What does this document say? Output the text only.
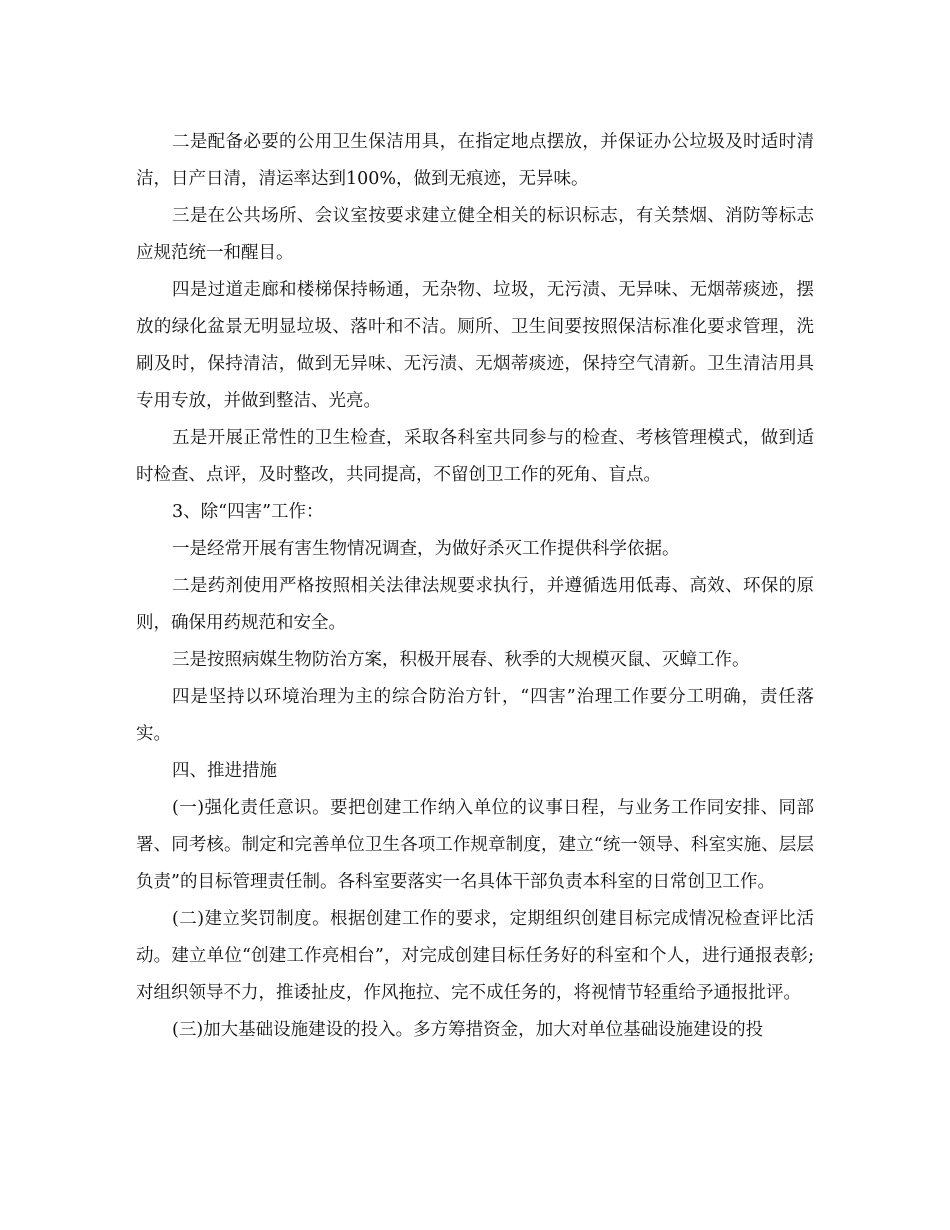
二是配备必要的公用卫生保洁用具，在指定地点摆放，并保证办公垃圾及时适时清洁，日产日清，清运率达到100%，做到无痕迹，无异味。

三是在公共场所、会议室按要求建立健全相关的标识标志，有关禁烟、消防等标志应规范统一和醒目。

四是过道走廊和楼梯保持畅通，无杂物、垃圾，无污渍、无异味、无烟蒂痰迹，摆放的绿化盆景无明显垃圾、落叶和不洁。厕所、卫生间要按照保洁标准化要求管理，洗刷及时，保持清洁，做到无异味、无污渍、无烟蒂痰迹，保持空气清新。卫生清洁用具专用专放，并做到整洁、光亮。

五是开展正常性的卫生检查，采取各科室共同参与的检查、考核管理模式，做到适时检查、点评，及时整改，共同提高，不留创卫工作的死角、盲点。

3、除“四害”工作：

一是经常开展有害生物情况调查，为做好杀灭工作提供科学依据。

二是药剂使用严格按照相关法律法规要求执行，并遵循选用低毒、高效、环保的原则，确保用药规范和安全。

三是按照病媒生物防治方案，积极开展春、秋季的大规模灭鼠、灭蟑工作。

四是坚持以环境治理为主的综合防治方针，“四害”治理工作要分工明确，责任落实。

四、推进措施

(一)强化责任意识。要把创建工作纳入单位的议事日程，与业务工作同安排、同部署、同考核。制定和完善单位卫生各项工作规章制度，建立“统一领导、科室实施、层层负责”的目标管理责任制。各科室要落实一名具体干部负责本科室的日常创卫工作。

(二)建立奖罚制度。根据创建工作的要求，定期组织创建目标完成情况检查评比活动。建立单位“创建工作亮相台”，对完成创建目标任务好的科室和个人，进行通报表彰;对组织领导不力，推诿扯皮，作风拖拉、完不成任务的，将视情节轻重给予通报批评。

(三)加大基础设施建设的投入。多方筹措资金，加大对单位基础设施建设的投
